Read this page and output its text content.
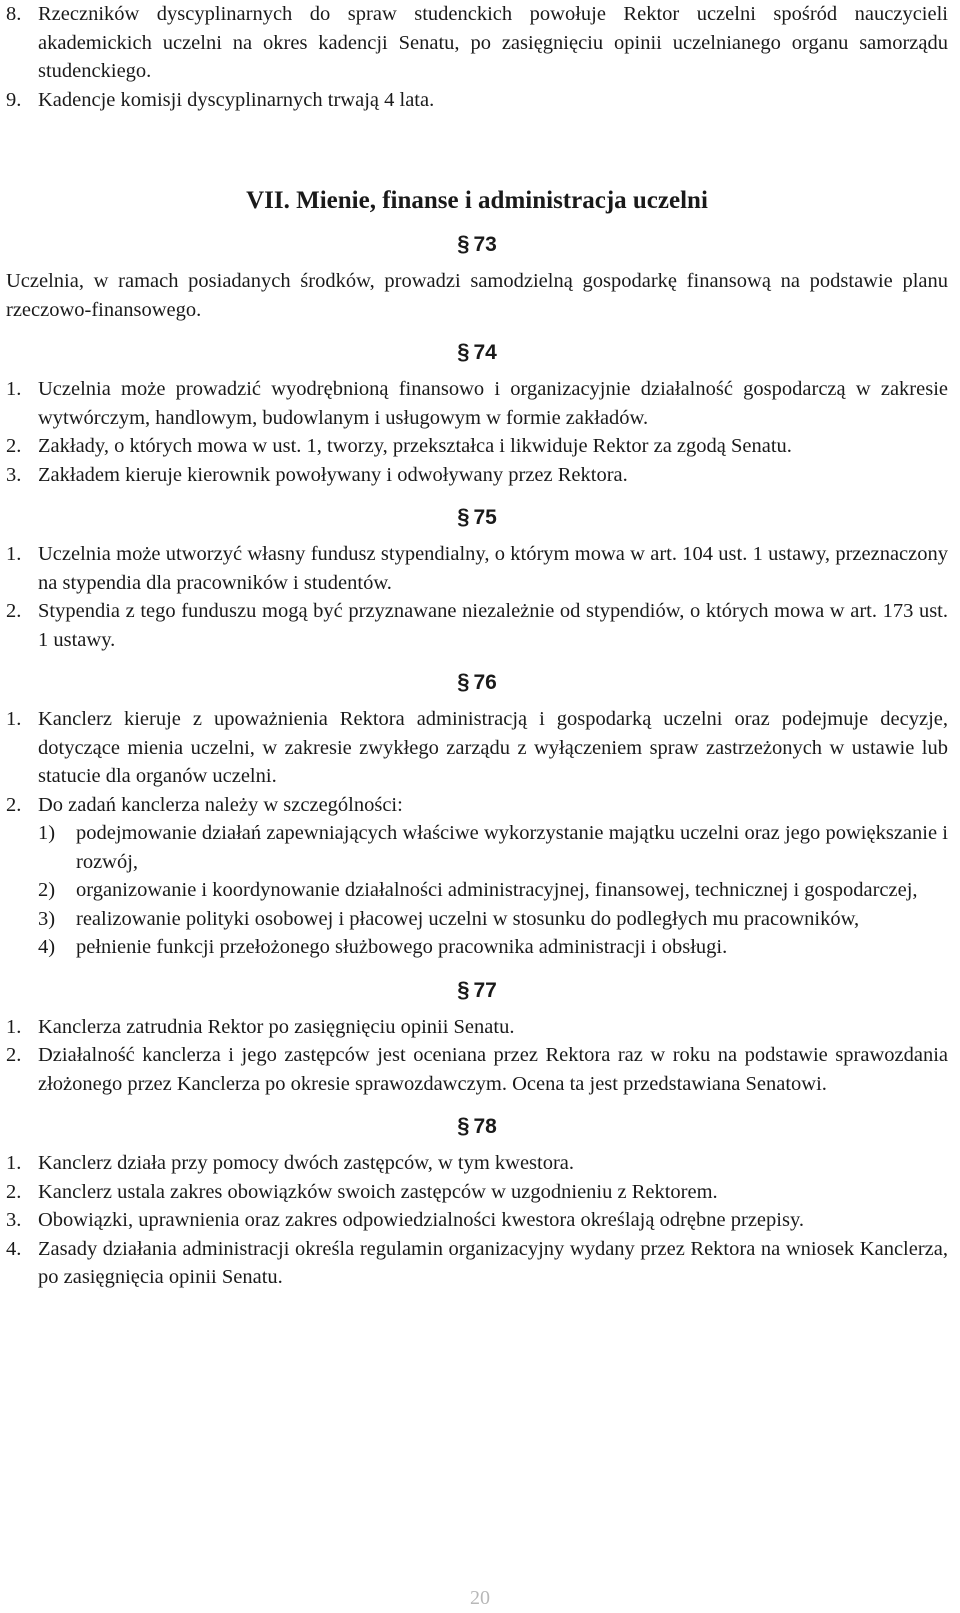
8. Rzeczników dyscyplinarnych do spraw studenckich powołuje Rektor uczelni spośród nauczycieli akademickich uczelni na okres kadencji Senatu, po zasięgnięciu opinii uczelnianego organu samorządu studenckiego.
9. Kadencje komisji dyscyplinarnych trwają 4 lata.
VII. Mienie, finanse i administracja uczelni
§ 73
Uczelnia, w ramach posiadanych środków, prowadzi samodzielną gospodarkę finansową na podstawie planu rzeczowo-finansowego.
§ 74
1. Uczelnia może prowadzić wyodrębnioną finansowo i organizacyjnie działalność gospodarczą w zakresie wytwórczym, handlowym, budowlanym i usługowym w formie zakładów.
2. Zakłady, o których mowa w ust. 1, tworzy, przekształca i likwiduje Rektor za zgodą Senatu.
3. Zakładem kieruje kierownik powoływany i odwoływany przez Rektora.
§ 75
1. Uczelnia może utworzyć własny fundusz stypendialny, o którym mowa w art. 104 ust. 1 ustawy, przeznaczony na stypendia dla pracowników i studentów.
2. Stypendia z tego funduszu mogą być przyznawane niezależnie od stypendiów, o których mowa w art. 173 ust. 1 ustawy.
§ 76
1. Kanclerz kieruje z upoważnienia Rektora administracją i gospodarką uczelni oraz podejmuje decyzje, dotyczące mienia uczelni, w zakresie zwykłego zarządu z wyłączeniem spraw zastrzeżonych w ustawie lub statucie dla organów uczelni.
2. Do zadań kanclerza należy w szczególności:
1)	podejmowanie działań zapewniających właściwe wykorzystanie majątku uczelni oraz jego powiększanie i rozwój,
2)	organizowanie i koordynowanie działalności administracyjnej, finansowej, technicznej i gospodarczej,
3)	realizowanie polityki osobowej i płacowej uczelni w stosunku do podległych mu pracowników,
4)	pełnienie funkcji przełożonego służbowego pracownika administracji i obsługi.
§ 77
1. Kanclerza zatrudnia Rektor po zasięgnięciu opinii Senatu.
2. Działalność kanclerza i jego zastępców jest oceniana przez Rektora raz w roku na podstawie sprawozdania złożonego przez Kanclerza po okresie sprawozdawczym. Ocena ta jest przedstawiana Senatowi.
§ 78
1. Kanclerz działa przy pomocy dwóch zastępców, w tym kwestora.
2. Kanclerz ustala zakres obowiązków swoich zastępców w uzgodnieniu z Rektorem.
3. Obowiązki, uprawnienia oraz zakres odpowiedzialności kwestora określają odrębne przepisy.
4. Zasady działania administracji określa regulamin organizacyjny wydany przez Rektora na wniosek Kanclerza, po zasięgnięcia opinii Senatu.
20
